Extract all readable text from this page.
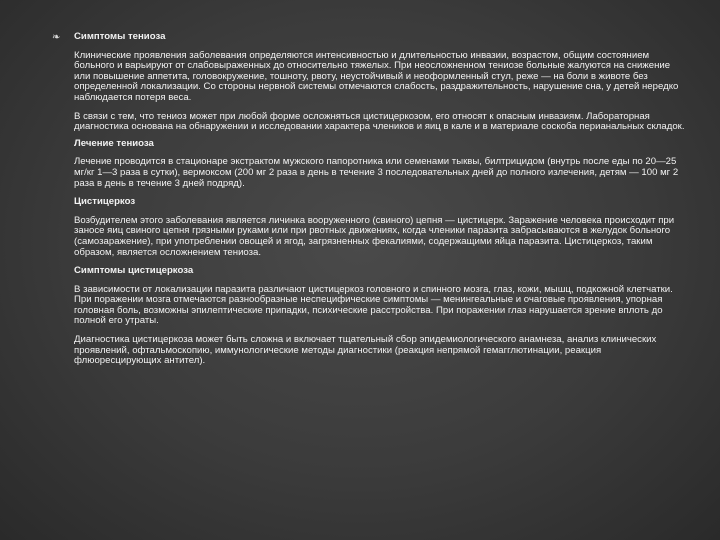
❧ Симптомы тениоза
Клинические проявления заболевания определяются интенсивностью и длительностью инвазии, возрастом, общим состоянием больного и варьируют от слабовыраженных до относительно тяжелых. При неосложненном тениозе больные жалуются на снижение или повышение аппетита, головокружение, тошноту, рвоту, неустойчивый и неоформленный стул, реже — на боли в животе без определенной локализации. Со стороны нервной системы отмечаются слабость, раздражительность, нарушение сна, у детей нередко наблюдается потеря веса.
В связи с тем, что тениоз может при любой форме осложняться цистицеркозом, его относят к опасным инвазиям. Лабораторная диагностика основана на обнаружении и исследовании характера члеников и яиц в кале и в материале соскоба перианальных складок.
Лечение тениоза
Лечение проводится в стационаре экстрактом мужского папоротника или семенами тыквы, билтрицидом (внутрь после еды по 20—25 мг/кг 1—3 раза в сутки), вермоксом (200 мг 2 раза в день в течение 3 последовательных дней до полного излечения, детям — 100 мг 2 раза в день в течение 3 дней подряд).
Цистицеркоз
Возбудителем этого заболевания является личинка вооруженного (свиного) цепня — цистицерк. Заражение человека происходит при заносе яиц свиного цепня грязными руками или при рвотных движениях, когда членики паразита забрасываются в желудок больного (самозаражение), при употреблении овощей и ягод, загрязненных фекалиями, содержащими яйца паразита. Цистицеркоз, таким образом, является осложнением тениоза.
Симптомы цистицеркоза
В зависимости от локализации паразита различают цистицеркоз головного и спинного мозга, глаз, кожи, мышц, подкожной клетчатки. При поражении мозга отмечаются разнообразные неспецифические симптомы — менингеальные и очаговые проявления, упорная головная боль, возможны эпилептические припадки, психические расстройства. При поражении глаз нарушается зрение вплоть до полной его утраты.
Диагностика цистицеркоза может быть сложна и включает тщательный сбор эпидемиологического анамнеза, анализ клинических проявлений, офтальмоскопию, иммунологические методы диагностики (реакция непрямой гемагглютинации, реакция флюоресцирующих антител).
